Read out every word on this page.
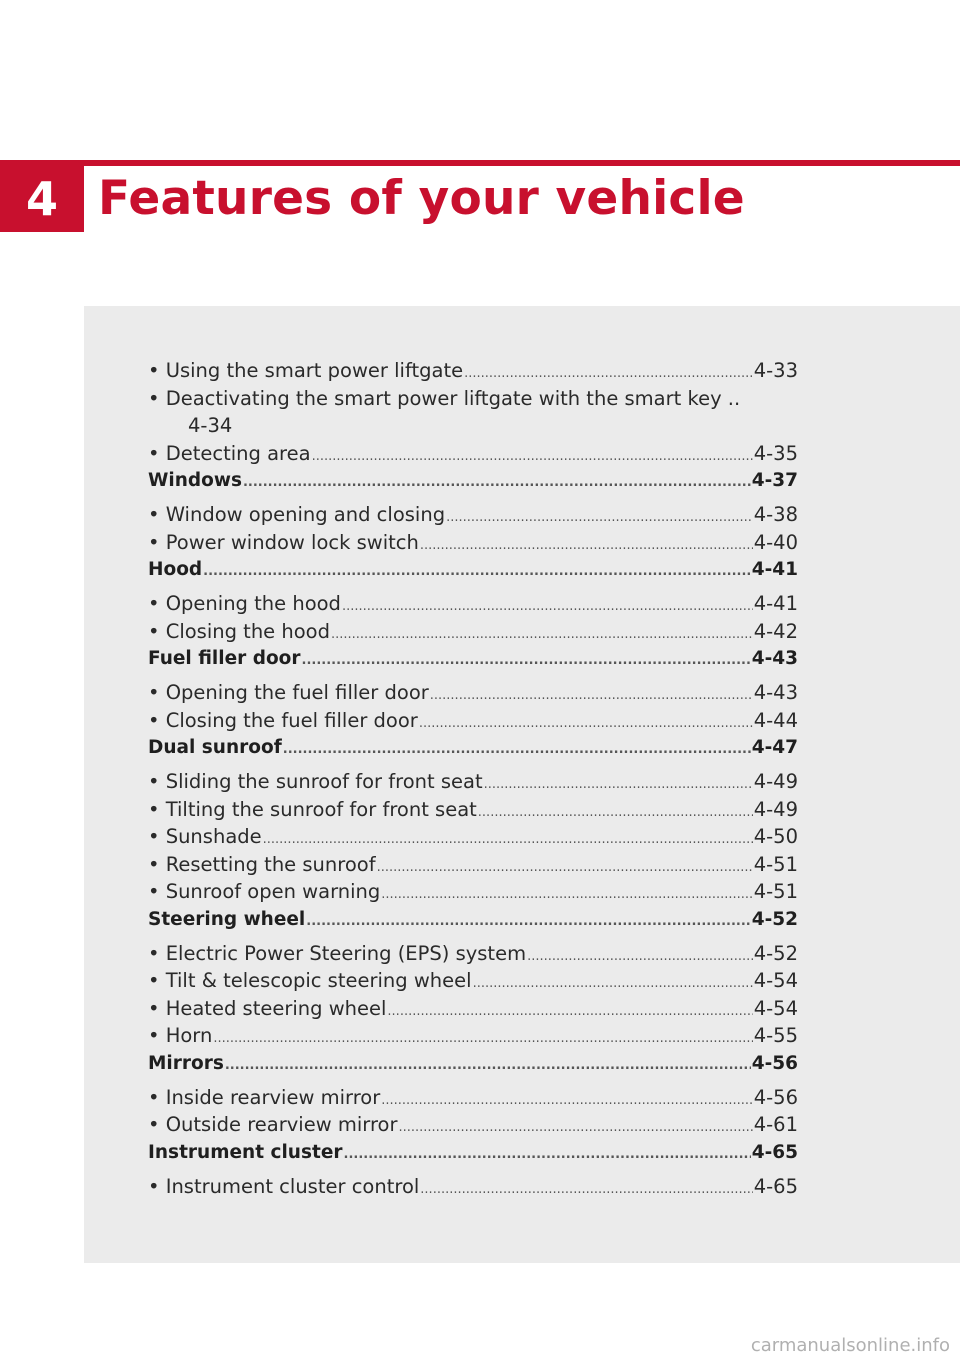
4 Features of your vehicle
• Using the smart power liftgate .....	4-33
• Deactivating the smart power liftgate with the smart key ..
4-34
• Detecting area .....	4-35
Windows .....	4-37
• Window opening and closing .....	4-38
• Power window lock switch .....	4-40
Hood .....	4-41
• Opening the hood .....	4-41
• Closing the hood .....	4-42
Fuel filler door .....	4-43
• Opening the fuel filler door .....	4-43
• Closing the fuel filler door .....	4-44
Dual sunroof .....	4-47
• Sliding the sunroof for front seat .....	4-49
• Tilting the sunroof for front seat .....	4-49
• Sunshade .....	4-50
• Resetting the sunroof .....	4-51
• Sunroof open warning .....	4-51
Steering wheel .....	4-52
• Electric Power Steering (EPS) system .....	4-52
• Tilt & telescopic steering wheel .....	4-54
• Heated steering wheel .....	4-54
• Horn .....	4-55
Mirrors .....	4-56
• Inside rearview mirror .....	4-56
• Outside rearview mirror .....	4-61
Instrument cluster .....	4-65
• Instrument cluster control .....	4-65
carmanualsonline.info
